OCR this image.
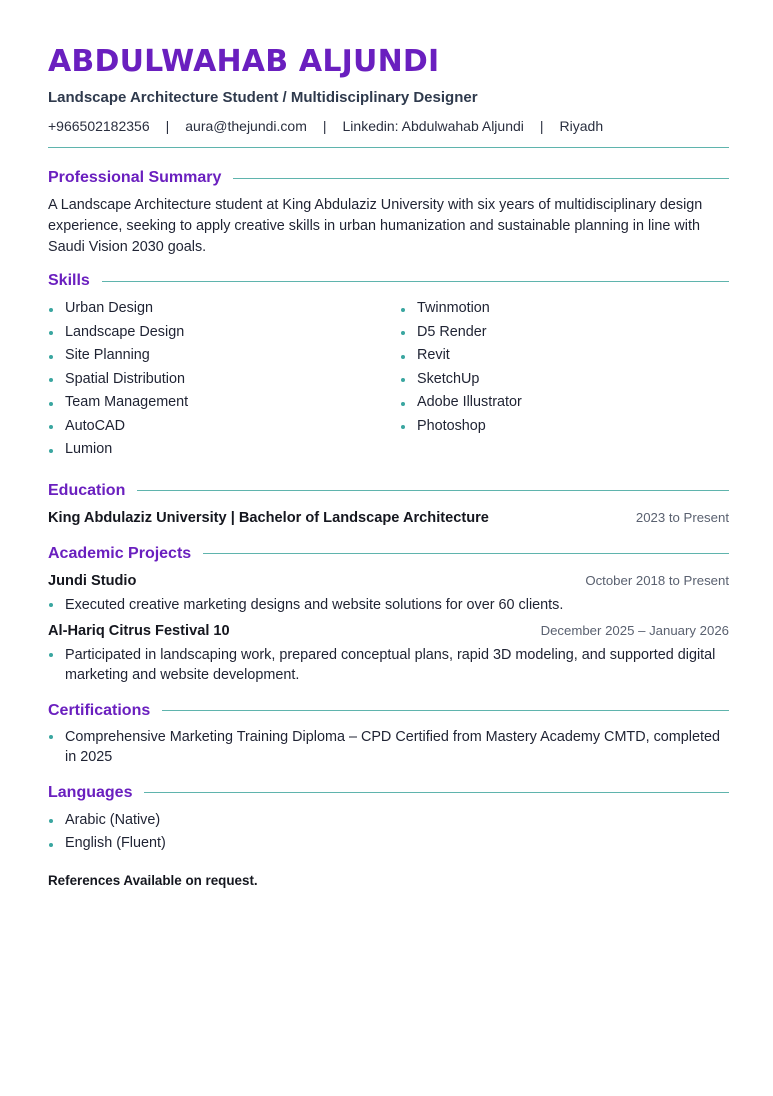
ABDULWAHAB ALJUNDI
Landscape Architecture Student / Multidisciplinary Designer
+966502182356 | aura@thejundi.com | Linkedin: Abdulwahab Aljundi | Riyadh
Professional Summary

A Landscape Architecture student at King Abdulaziz University with six years of multidisciplinary design experience, seeking to apply creative skills in urban humanization and sustainable planning in line with Saudi Vision 2030 goals.

Skills
Urban Design
Landscape Design
Site Planning
Spatial Distribution
Team Management
AutoCAD
Lumion
Twinmotion
D5 Render
Revit
SketchUp
Adobe Illustrator
Photoshop
Education
King Abdulaziz University | Bachelor of Landscape Architecture	2023 to Present
Academic Projects
Jundi Studio	October 2018 to Present
Executed creative marketing designs and website solutions for over 60 clients.
Al-Hariq Citrus Festival 10	December 2025 – January 2026
Participated in landscaping work, prepared conceptual plans, rapid 3D modeling, and supported digital marketing and website development.
Certifications
Comprehensive Marketing Training Diploma – CPD Certified from Mastery Academy CMTD, completed in 2025
Languages
Arabic (Native)
English (Fluent)
References Available on request.
